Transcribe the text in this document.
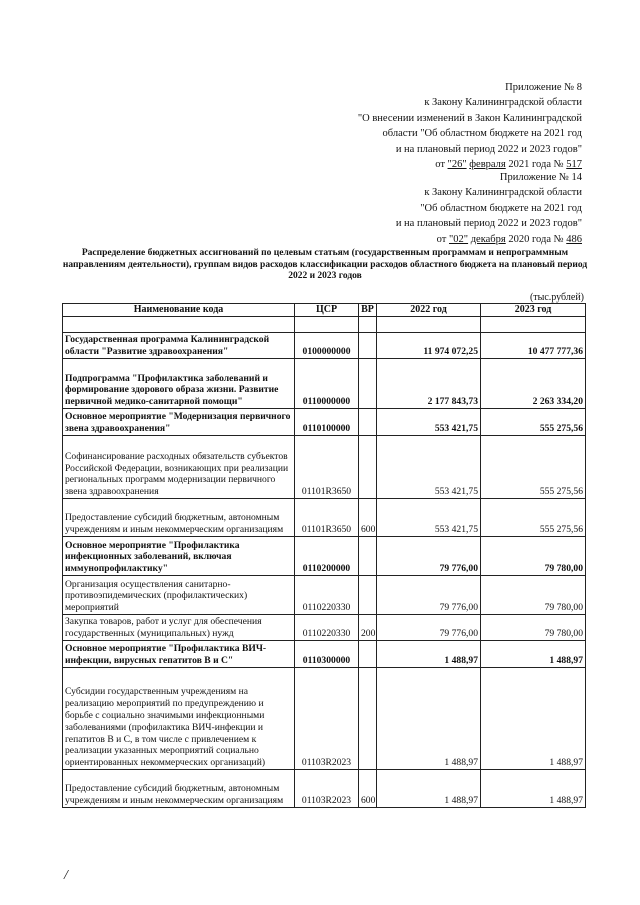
Приложение № 8
к Закону Калининградской области
"О внесении изменений в Закон Калининградской
области "Об областном бюджете на 2021 год
и на плановый период 2022 и 2023 годов"
от "26" февраля 2021 года № 517
Приложение № 14
к Закону Калининградской области
"Об областном бюджете на 2021 год
и на плановый период 2022 и 2023 годов"
от "02" декабря 2020 года № 486
Распределение бюджетных ассигнований по целевым статьям (государственным программам и непрограммным направлениям деятельности), группам видов расходов классификации расходов областного бюджета на плановый период 2022 и 2023 годов
(тыс.рублей)
Наименование кода	ЦСР	ВР	2022 год	2023 год

Государственная программа Калининградской области "Развитие здравоохранения"	0100000000		11 974 072,25	10 477 777,36
Подпрограмма "Профилактика заболеваний и формирование здорового образа жизни. Развитие первичной медико-санитарной помощи"	0110000000		2 177 843,73	2 263 334,20
Основное мероприятие "Модернизация первичного звена здравоохранения"	0110100000		553 421,75	555 275,56
Софинансирование расходных обязательств субъектов Российской Федерации, возникающих при реализации региональных программ модернизации первичного звена здравоохранения	01101R3650		553 421,75	555 275,56
Предоставление субсидий бюджетным, автономным учреждениям и иным некоммерческим организациям	01101R3650	600	553 421,75	555 275,56
Основное мероприятие "Профилактика инфекционных заболеваний, включая иммунопрофилактику"	0110200000		79 776,00	79 780,00
Организация осуществления санитарно-противоэпидемических (профилактических) мероприятий	0110220330		79 776,00	79 780,00
Закупка товаров, работ и услуг для обеспечения государственных (муниципальных) нужд	0110220330	200	79 776,00	79 780,00
Основное мероприятие "Профилактика ВИЧ-инфекции, вирусных гепатитов В и С"	0110300000		1 488,97	1 488,97
Субсидии государственным учреждениям на реализацию мероприятий по предупреждению и борьбе с социально значимыми инфекционными заболеваниями (профилактика ВИЧ-инфекции и гепатитов В и С, в том числе с привлечением к реализации указанных мероприятий социально ориентированных некоммерческих организаций)	01103R2023		1 488,97	1 488,97
Предоставление субсидий бюджетным, автономным учреждениям и иным некоммерческим организациям	01103R2023	600	1 488,97	1 488,97
/
